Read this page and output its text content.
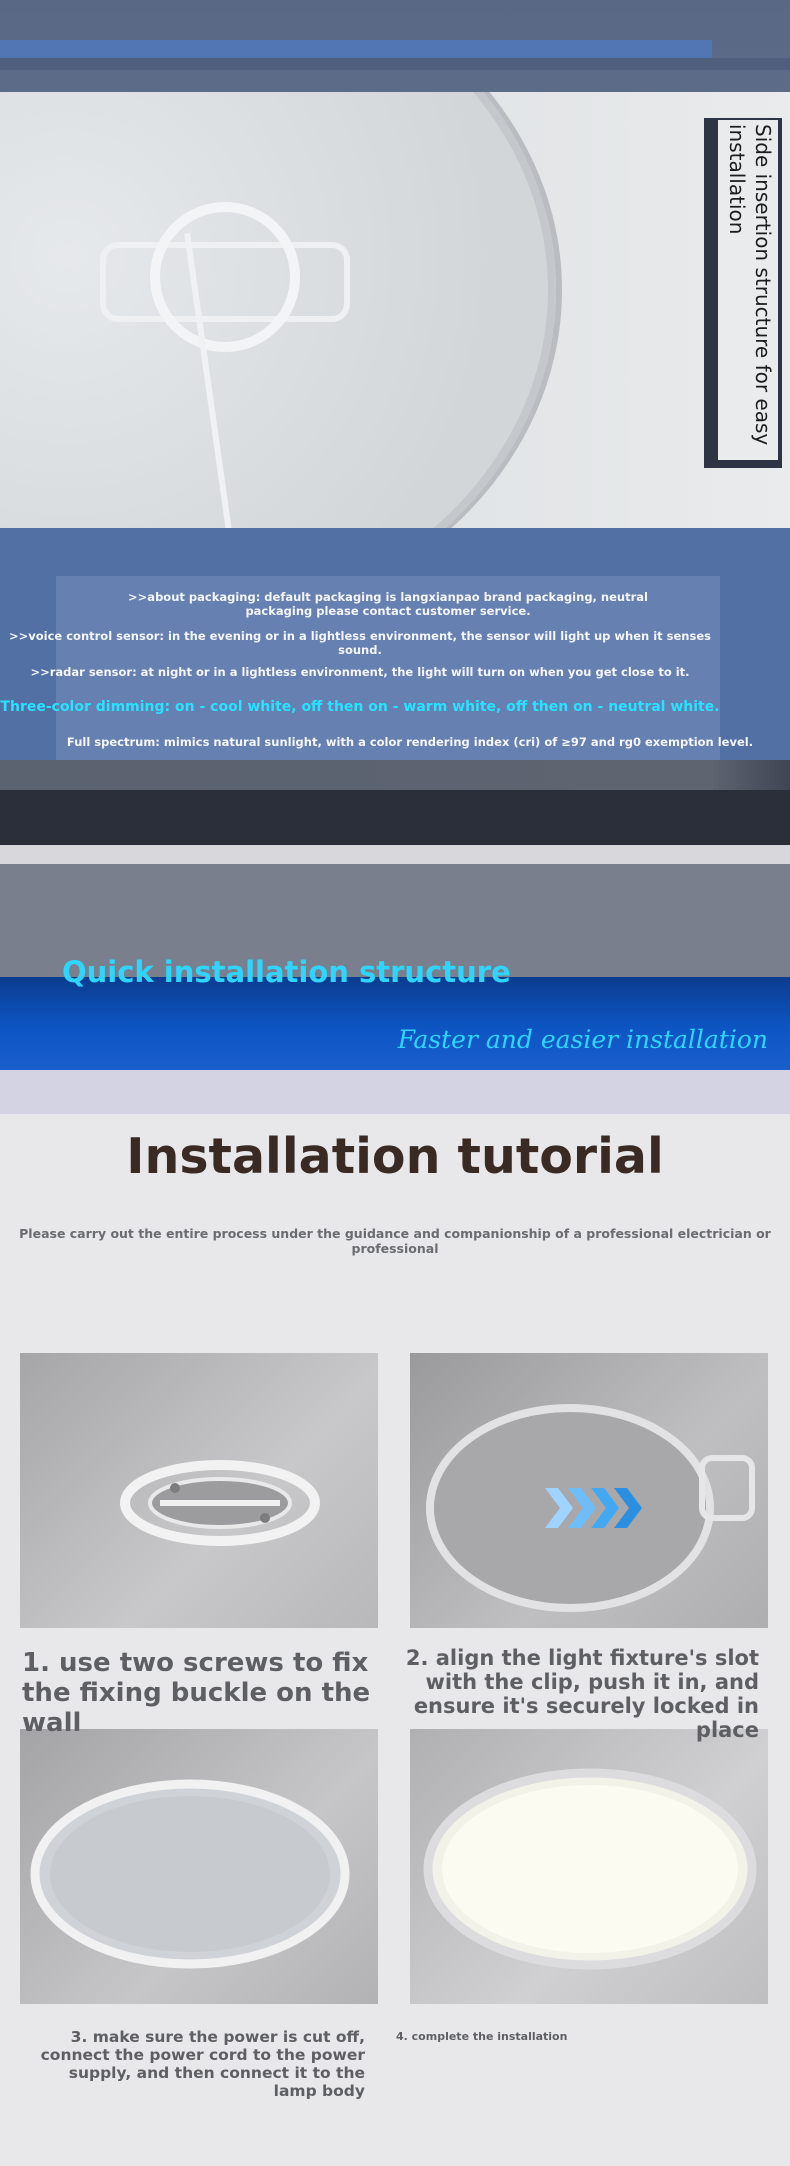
Side insertion structure for easy installation
>>about packaging: default packaging is langxianpao brand packaging, neutral packaging please contact customer service.
>>voice control sensor: in the evening or in a lightless environment, the sensor will light up when it senses sound.
>>radar sensor: at night or in a lightless environment, the light will turn on when you get close to it.
Three-color dimming: on - cool white, off then on - warm white, off then on - neutral white.
Full spectrum: mimics natural sunlight, with a color rendering index (cri) of ≥97 and rg0 exemption level.
Quick installation structure
Faster and easier installation
Installation tutorial
Please carry out the entire process under the guidance and companionship of a professional electrician or professional
1. use two screws to fix the fixing buckle on the wall
2. align the light fixture's slot with the clip, push it in, and ensure it's securely locked in place
3. make sure the power is cut off, connect the power cord to the power supply, and then connect it to the lamp body
4. complete the installation
